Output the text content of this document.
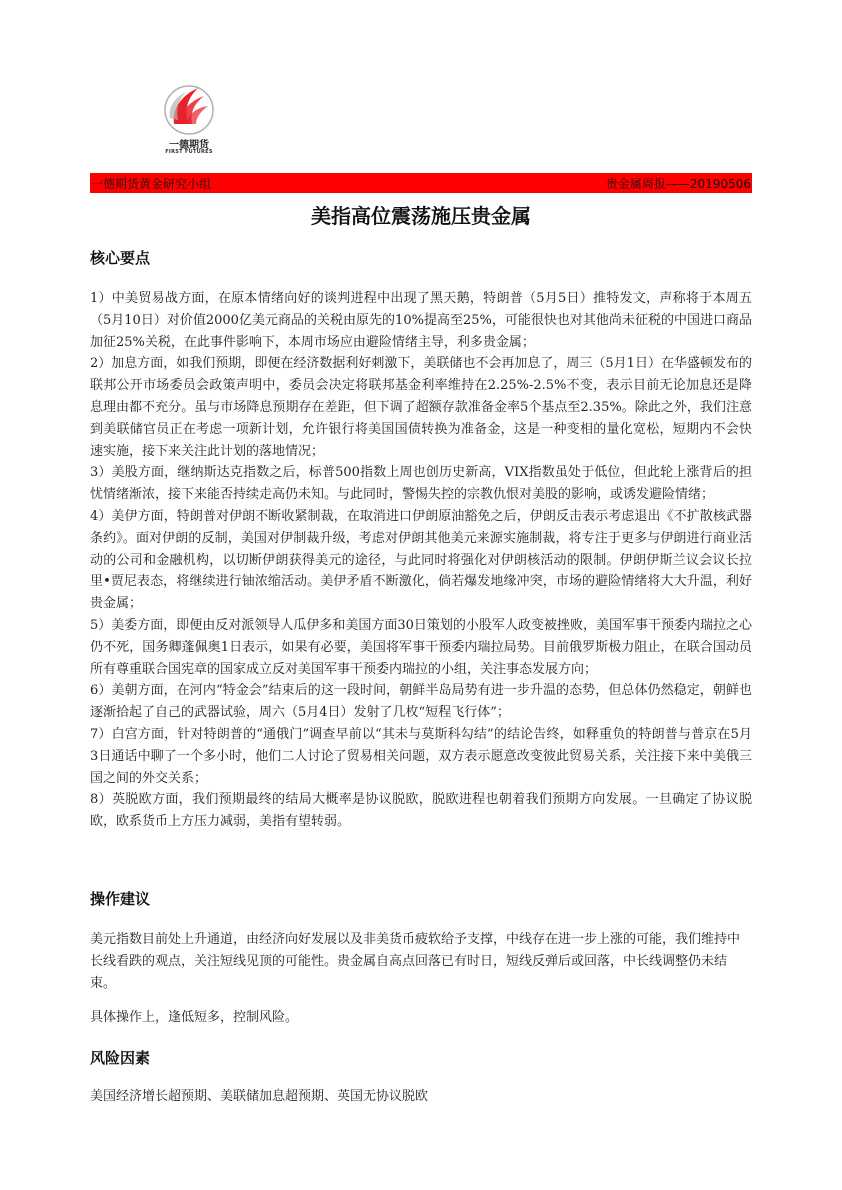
一德期货
FIRST FUTURES
一德期货黄金研究小组	贵金属周报——20190506
美指高位震荡施压贵金属
核心要点

1）中美贸易战方面，在原本情绪向好的谈判进程中出现了黑天鹅，特朗普（5月5日）推特发文，声称将于本周五（5月10日）对价值2000亿美元商品的关税由原先的10%提高至25%，可能很快也对其他尚未征税的中国进口商品加征25%关税，在此事件影响下，本周市场应由避险情绪主导，利多贵金属；

2）加息方面，如我们预期，即便在经济数据利好刺激下，美联储也不会再加息了，周三（5月1日）在华盛顿发布的联邦公开市场委员会政策声明中，委员会决定将联邦基金利率维持在2.25%-2.5%不变，表示目前无论加息还是降息理由都不充分。虽与市场降息预期存在差距，但下调了超额存款准备金率5个基点至2.35%。除此之外，我们注意到美联储官员正在考虑一项新计划，允许银行将美国国债转换为准备金，这是一种变相的量化宽松，短期内不会快速实施，接下来关注此计划的落地情况；

3）美股方面，继纳斯达克指数之后，标普500指数上周也创历史新高，VIX指数虽处于低位，但此轮上涨背后的担忧情绪渐浓，接下来能否持续走高仍未知。与此同时，警惕失控的宗教仇恨对美股的影响，或诱发避险情绪；

4）美伊方面，特朗普对伊朗不断收紧制裁，在取消进口伊朗原油豁免之后，伊朗反击表示考虑退出《不扩散核武器条约》。面对伊朗的反制，美国对伊制裁升级，考虑对伊朗其他美元来源实施制裁，将专注于更多与伊朗进行商业活动的公司和金融机构，以切断伊朗获得美元的途径，与此同时将强化对伊朗核活动的限制。伊朗伊斯兰议会议长拉里•贾尼表态，将继续进行铀浓缩活动。美伊矛盾不断激化，倘若爆发地缘冲突，市场的避险情绪将大大升温，利好贵金属；

5）美委方面，即便由反对派领导人瓜伊多和美国方面30日策划的小股军人政变被挫败，美国军事干预委内瑞拉之心仍不死，国务卿蓬佩奥1日表示，如果有必要，美国将军事干预委内瑞拉局势。目前俄罗斯极力阻止，在联合国动员所有尊重联合国宪章的国家成立反对美国军事干预委内瑞拉的小组，关注事态发展方向；

6）美朝方面，在河内“特金会”结束后的这一段时间，朝鲜半岛局势有进一步升温的态势，但总体仍然稳定，朝鲜也逐渐拾起了自己的武器试验，周六（5月4日）发射了几枚“短程飞行体”；

7）白宫方面，针对特朗普的“通俄门”调查早前以“其未与莫斯科勾结”的结论告终，如释重负的特朗普与普京在5月3日通话中聊了一个多小时，他们二人讨论了贸易相关问题，双方表示愿意改变彼此贸易关系，关注接下来中美俄三国之间的外交关系；

8）英脱欧方面，我们预期最终的结局大概率是协议脱欧，脱欧进程也朝着我们预期方向发展。一旦确定了协议脱欧，欧系货币上方压力减弱，美指有望转弱。

操作建议
美元指数目前处上升通道，由经济向好发展以及非美货币疲软给予支撑，中线存在进一步上涨的可能，我们维持中长线看跌的观点，关注短线见顶的可能性。贵金属自高点回落已有时日，短线反弹后或回落，中长线调整仍未结束。
具体操作上，逢低短多，控制风险。
风险因素
美国经济增长超预期、美联储加息超预期、英国无协议脱欧
